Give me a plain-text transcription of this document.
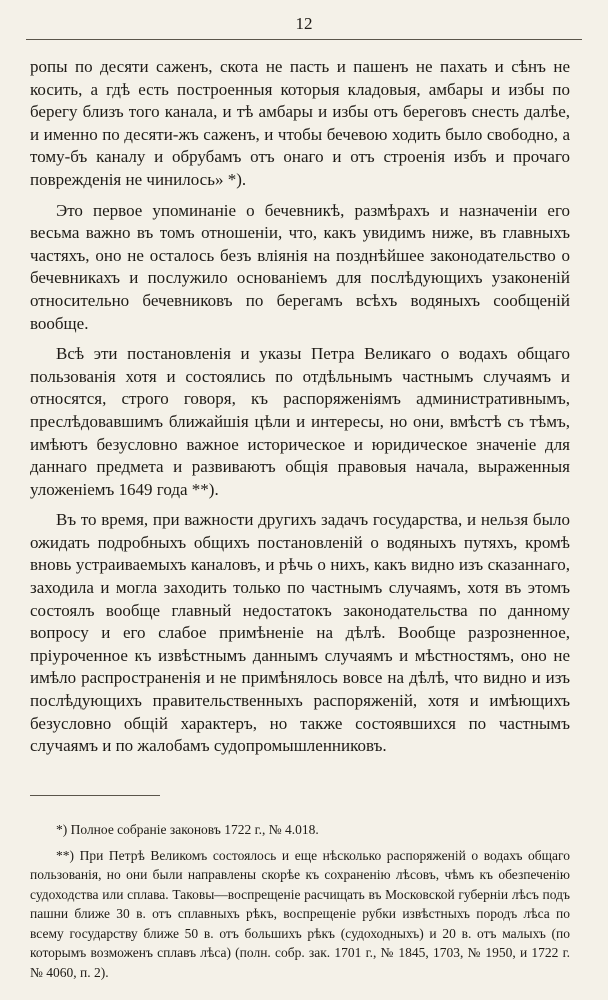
12

ропы по десяти саженъ, скота не пасть и пашенъ не пахать и сѣнъ не косить, а гдѣ есть построенныя которыя кладовыя, амбары и избы по берегу близъ того канала, и тѣ амбары и избы отъ береговъ снесть далѣе, и именно по десяти-жъ саженъ, и чтобы бечевою ходить было свободно, а тому-бъ каналу и обрубамъ отъ онаго и отъ строенія избъ и прочаго поврежденія не чинилось» *).

Это первое упоминаніе о бечевникѣ, размѣрахъ и назначеніи его весьма важно въ томъ отношеніи, что, какъ увидимъ ниже, въ главныхъ частяхъ, оно не осталось безъ вліянія на позднѣйшее законодательство о бечевникахъ и послужило основаніемъ для послѣдующихъ узаконеній относительно бечевниковъ по берегамъ всѣхъ водяныхъ сообщеній вообще.

Всѣ эти постановленія и указы Петра Великаго о водахъ общаго пользованія хотя и состоялись по отдѣльнымъ частнымъ случаямъ и относятся, строго говоря, къ распоряженіямъ административнымъ, преслѣдовавшимъ ближайшія цѣли и интересы, но они, вмѣстѣ съ тѣмъ, имѣютъ безусловно важное историческое и юридическое значеніе для даннаго предмета и развиваютъ общія правовыя начала, выраженныя уложеніемъ 1649 года **).

Въ то время, при важности другихъ задачъ государства, и нельзя было ожидать подробныхъ общихъ постановленій о водяныхъ путяхъ, кромѣ вновь устраиваемыхъ каналовъ, и рѣчь о нихъ, какъ видно изъ сказаннаго, заходила и могла заходить только по частнымъ случаямъ, хотя въ этомъ состоялъ вообще главный недостатокъ законодательства по данному вопросу и его слабое примѣненіе на дѣлѣ. Вообще разрозненное, пріуроченное къ извѣстнымъ даннымъ случаямъ и мѣстностямъ, оно не имѣло распространенія и не примѣнялось вовсе на дѣлѣ, что видно и изъ послѣдующихъ правительственныхъ распоряженій, хотя и имѣющихъ безусловно общій характеръ, но также состоявшихся по частнымъ случаямъ и по жалобамъ судопромышленниковъ.

*) Полное собраніе законовъ 1722 г., № 4.018.

**) При Петрѣ Великомъ состоялось и еще нѣсколько распоряженій о водахъ общаго пользованія, но они были направлены скорѣе къ сохраненію лѣсовъ, чѣмъ къ обезпеченію судоходства или сплава. Таковы—воспрещеніе расчищать въ Московской губерніи лѣсъ подъ пашни ближе 30 в. отъ сплавныхъ рѣкъ, воспрещеніе рубки извѣстныхъ породъ лѣса по всему государству ближе 50 в. отъ большихъ рѣкъ (судоходныхъ) и 20 в. отъ малыхъ (по которымъ возможенъ сплавъ лѣса) (полн. собр. зак. 1701 г., № 1845, 1703, № 1950, и 1722 г. № 4060, п. 2).
